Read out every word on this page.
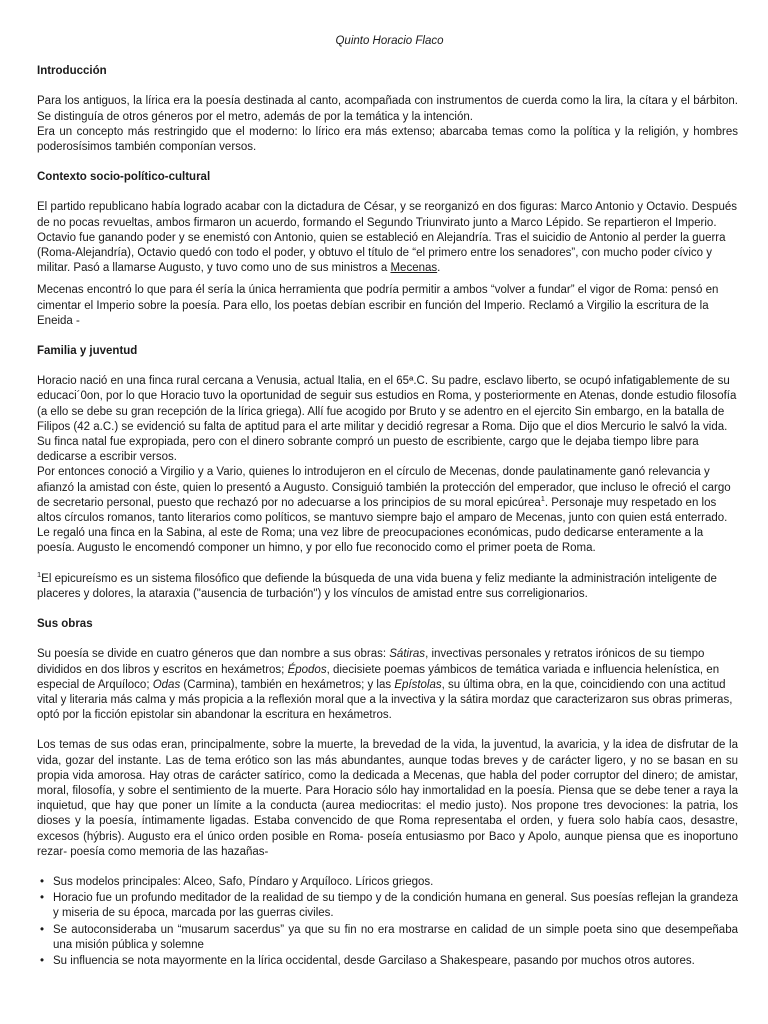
Quinto Horacio Flaco
Introducción

Para los antiguos, la lírica era la poesía destinada al canto, acompañada con instrumentos de cuerda como la lira, la cítara y el bárbiton. Se distinguía de otros géneros por el metro, además de por la temática y la intención.

Era un concepto más restringido que el moderno: lo lírico era más extenso; abarcaba temas como la política y la religión, y hombres poderosísimos también componían versos.

Contexto socio-político-cultural

El partido republicano había logrado acabar con la dictadura de César, y se reorganizó en dos figuras: Marco Antonio y Octavio. Después de no pocas revueltas, ambos firmaron un acuerdo, formando el Segundo Triunvirato junto a Marco Lépido. Se repartieron el Imperio. Octavio fue ganando poder y se enemistó con Antonio, quien se estableció en Alejandría. Tras el suicidio de Antonio al perder la guerra (Roma-Alejandría), Octavio quedó con todo el poder, y obtuvo el título de “el primero entre los senadores”, con mucho poder cívico y militar. Pasó a llamarse Augusto, y tuvo como uno de sus ministros a Mecenas.

Mecenas encontró lo que para él sería la única herramienta que podría permitir a ambos “volver a fundar” el vigor de Roma: pensó en cimentar el Imperio sobre la poesía. Para ello, los poetas debían escribir en función del Imperio. Reclamó a Virgilio la escritura de la Eneida -

Familia y juventud

Horacio nació en una finca rural cercana a Venusia, actual Italia, en el 65ª.C. Su padre, esclavo liberto, se ocupó infatigablemente de su educaci´0on, por lo que Horacio tuvo la oportunidad de seguir sus estudios en Roma, y posteriormente en Atenas, donde estudio filosofía (a ello se debe su gran recepción de la lírica griega). Allí fue acogido por Bruto y se adentro en el ejercito Sin embargo, en la batalla de Filipos (42 a.C.) se evidenció su falta de aptitud para el arte militar y decidió regresar a Roma. Dijo que el dios Mercurio le salvó la vida. Su finca natal fue expropiada, pero con el dinero sobrante compró un puesto de escribiente, cargo que le dejaba tiempo libre para dedicarse a escribir versos.

Por entonces conoció a Virgilio y a Vario, quienes lo introdujeron en el círculo de Mecenas, donde paulatinamente ganó relevancia y afianzó la amistad con éste, quien lo presentó a Augusto. Consiguió también la protección del emperador, que incluso le ofreció el cargo de secretario personal, puesto que rechazó por no adecuarse a los principios de su moral epicúrea$^1$. Personaje muy respetado en los altos círculos romanos, tanto literarios como políticos, se mantuvo siempre bajo el amparo de Mecenas, junto con quien está enterrado. Le regaló una finca en la Sabina, al este de Roma; una vez libre de preocupaciones económicas, pudo dedicarse enteramente a la poesía. Augusto le encomendó componer un himno, y por ello fue reconocido como el primer poeta de Roma.

$^1$El epicureísmo es un sistema filosófico que defiende la búsqueda de una vida buena y feliz mediante la administración inteligente de placeres y dolores, la ataraxia ("ausencia de turbación") y los vínculos de amistad entre sus correligionarios.

Sus obras

Su poesía se divide en cuatro géneros que dan nombre a sus obras: Sátiras, invectivas personales y retratos irónicos de su tiempo divididos en dos libros y escritos en hexámetros; Épodos, diecisiete poemas yámbicos de temática variada e influencia helenística, en especial de Arquíloco; Odas (Carmina), también en hexámetros; y las Epístolas, su última obra, en la que, coincidiendo con una actitud vital y literaria más calma y más propicia a la reflexión moral que a la invectiva y la sátira mordaz que caracterizaron sus obras primeras, optó por la ficción epistolar sin abandonar la escritura en hexámetros.

Los temas de sus odas eran, principalmente, sobre la muerte, la brevedad de la vida, la juventud, la avaricia, y la idea de disfrutar de la vida, gozar del instante. Las de tema erótico son las más abundantes, aunque todas breves y de carácter ligero, y no se basan en su propia vida amorosa. Hay otras de carácter satírico, como la dedicada a Mecenas, que habla del poder corruptor del dinero; de amistar, moral, filosofía, y sobre el sentimiento de la muerte. Para Horacio sólo hay inmortalidad en la poesía. Piensa que se debe tener a raya la inquietud, que hay que poner un límite a la conducta (aurea mediocritas: el medio justo). Nos propone tres devociones: la patria, los dioses y la poesía, íntimamente ligadas. Estaba convencido de que Roma representaba el orden, y fuera solo había caos, desastre, excesos (hýbris). Augusto era el único orden posible en Roma- poseía entusiasmo por Baco y Apolo, aunque piensa que es inoportuno rezar- poesía como memoria de las hazañas-

• Sus modelos principales: Alceo, Safo, Píndaro y Arquíloco. Líricos griegos.
• Horacio fue un profundo meditador de la realidad de su tiempo y de la condición humana en general. Sus poesías reflejan la grandeza y miseria de su época, marcada por las guerras civiles.
• Se autoconsideraba un “musarum sacerdus” ya que su fin no era mostrarse en calidad de un simple poeta sino que desempeñaba una misión pública y solemne
• Su influencia se nota mayormente en la lírica occidental, desde Garcilaso a Shakespeare, pasando por muchos otros autores.
